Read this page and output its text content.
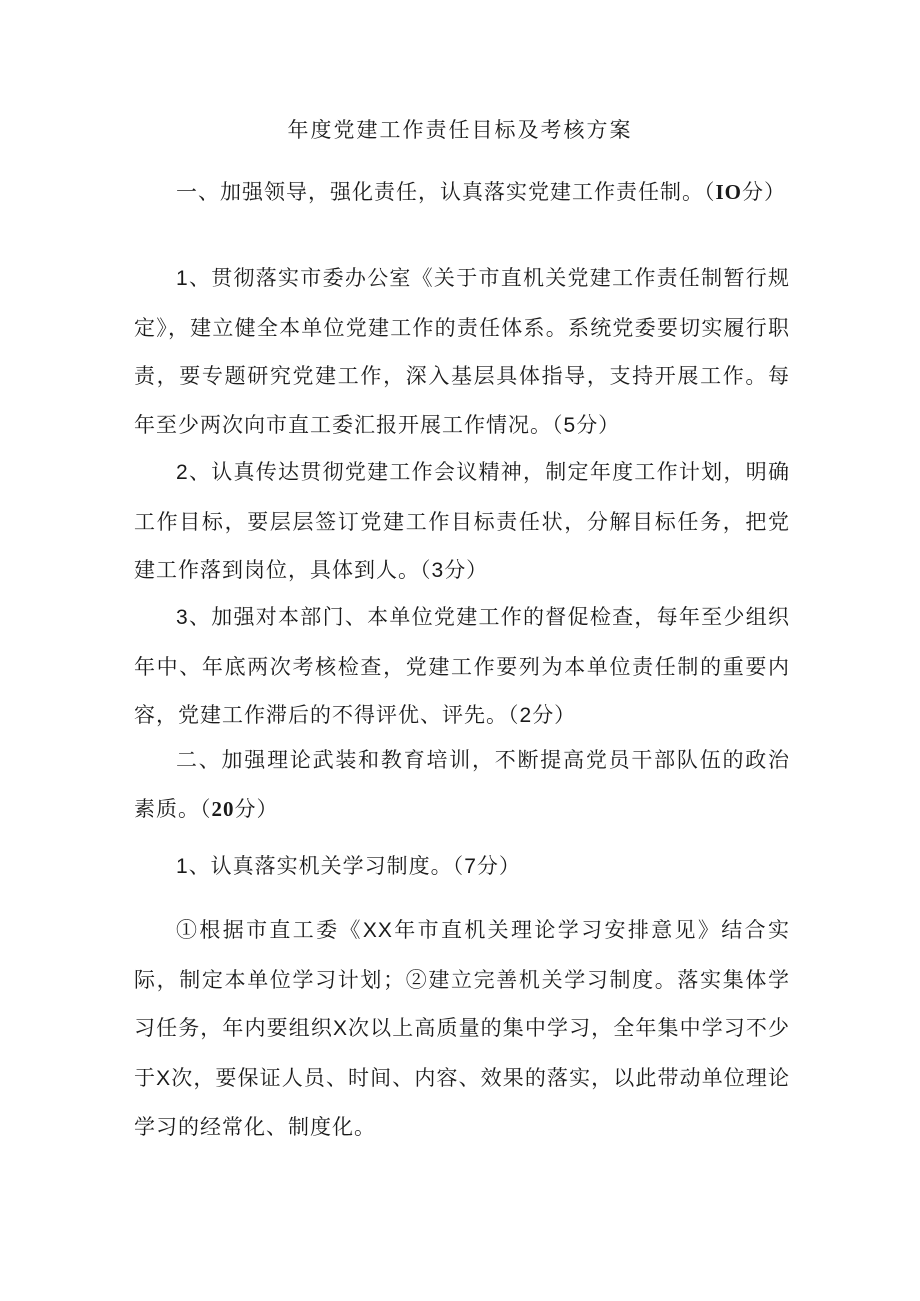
年度党建工作责任目标及考核方案

一、加强领导，强化责任，认真落实党建工作责任制。（IO分）

1、贯彻落实市委办公室《关于市直机关党建工作责任制暂行规定》，建立健全本单位党建工作的责任体系。系统党委要切实履行职责，要专题研究党建工作，深入基层具体指导，支持开展工作。每年至少两次向市直工委汇报开展工作情况。（5分）

2、认真传达贯彻党建工作会议精神，制定年度工作计划，明确工作目标，要层层签订党建工作目标责任状，分解目标任务，把党建工作落到岗位，具体到人。（3分）

3、加强对本部门、本单位党建工作的督促检查，每年至少组织年中、年底两次考核检查，党建工作要列为本单位责任制的重要内容，党建工作滞后的不得评优、评先。（2分）

二、加强理论武装和教育培训，不断提高党员干部队伍的政治素质。（20分）

1、认真落实机关学习制度。（7分）

①根据市直工委《XX年市直机关理论学习安排意见》结合实际，制定本单位学习计划；②建立完善机关学习制度。落实集体学习任务，年内要组织X次以上高质量的集中学习，全年集中学习不少于X次，要保证人员、时间、内容、效果的落实，以此带动单位理论学习的经常化、制度化。
